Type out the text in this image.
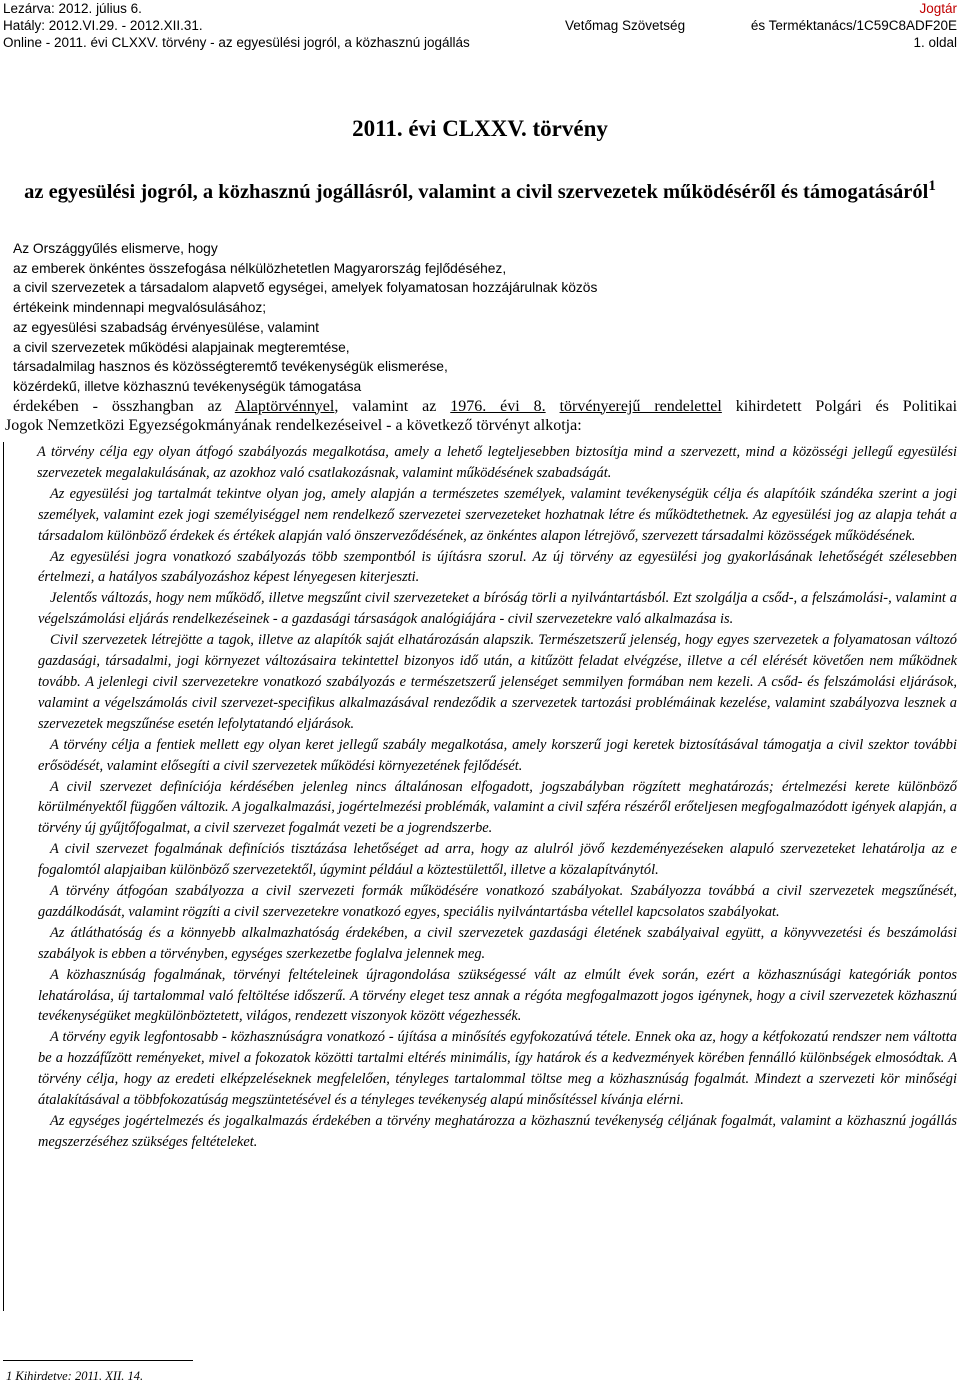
Lezárva: 2012. július 6.
Hatály: 2012.VI.29. - 2012.XII.31.
Online - 2011. évi CLXXV. törvény - az egyesülési jogról, a közhasznú jogállás
Vetőmag Szövetség
Jogtár
és Terméktanács/1C59C8ADF20E
1. oldal
2011. évi CLXXV. törvény
az egyesülési jogról, a közhasznú jogállásról, valamint a civil szervezetek működéséről és támogatásáról$^1$
Az Országgyűlés elismerve, hogy
az emberek önkéntes összefogása nélkülözhetetlen Magyarország fejlődéséhez,
a civil szervezetek a társadalom alapvető egységei, amelyek folyamatosan hozzájárulnak közös
értékeink mindennapi megvalósulásához;
az egyesülési szabadság érvényesülése, valamint
a civil szervezetek működési alapjainak megteremtése,
társadalmilag hasznos és közösségteremtő tevékenységük elismerése,
közérdekű, illetve közhasznú tevékenységük támogatása
érdekében - összhangban az Alaptörvénnyel, valamint az 1976. évi 8. törvényerejű rendelettel kihirdetett Polgári és Politikai
Jogok Nemzetközi Egyezségokmányának rendelkezéseivel - a következő törvényt alkotja:

A törvény célja egy olyan átfogó szabályozás megalkotása, amely a lehető legteljesebben biztosítja mind a szervezett, mind a közösségi jellegű egyesülési szervezetek megalakulásának, az azokhoz való csatlakozásnak, valamint működésének szabadságát.

Az egyesülési jog tartalmát tekintve olyan jog, amely alapján a természetes személyek, valamint tevékenységük célja és alapítóik szándéka szerint a jogi személyek, valamint ezek jogi személyiséggel nem rendelkező szervezetei szervezeteket hozhatnak létre és működtethetnek. Az egyesülési jog az alapja tehát a társadalom különböző érdekek és értékek alapján való önszerveződésének, az önkéntes alapon létrejövő, szervezett társadalmi közösségek működésének.

Az egyesülési jogra vonatkozó szabályozás több szempontból is újításra szorul. Az új törvény az egyesülési jog gyakorlásának lehetőségét szélesebben értelmezi, a hatályos szabályozáshoz képest lényegesen kiterjeszti.

Jelentős változás, hogy nem működő, illetve megszűnt civil szervezeteket a bíróság törli a nyilvántartásból. Ezt szolgálja a csőd-, a felszámolási-, valamint a végelszámolási eljárás rendelkezéseinek - a gazdasági társaságok analógiájára - civil szervezetekre való alkalmazása is.

Civil szervezetek létrejötte a tagok, illetve az alapítók saját elhatározásán alapszik. Természetszerű jelenség, hogy egyes szervezetek a folyamatosan változó gazdasági, társadalmi, jogi környezet változásaira tekintettel bizonyos idő után, a kitűzött feladat elvégzése, illetve a cél elérését követően nem működnek tovább. A jelenlegi civil szervezetekre vonatkozó szabályozás e természetszerű jelenséget semmilyen formában nem kezeli. A csőd- és felszámolási eljárások, valamint a végelszámolás civil szervezet-specifikus alkalmazásával rendeződik a szervezetek tartozási problémáinak kezelése, valamint szabályozva lesznek a szervezetek megszűnése esetén lefolytatandó eljárások.

A törvény célja a fentiek mellett egy olyan keret jellegű szabály megalkotása, amely korszerű jogi keretek biztosításával támogatja a civil szektor további erősödését, valamint elősegíti a civil szervezetek működési környezetének fejlődését.

A civil szervezet definíciója kérdésében jelenleg nincs általánosan elfogadott, jogszabályban rögzített meghatározás; értelmezési kerete különböző körülményektől függően változik. A jogalkalmazási, jogértelmezési problémák, valamint a civil szféra részéről erőteljesen megfogalmazódott igények alapján, a törvény új gyűjtőfogalmat, a civil szervezet fogalmát vezeti be a jogrendszerbe.

A civil szervezet fogalmának definíciós tisztázása lehetőséget ad arra, hogy az alulról jövő kezdeményezéseken alapuló szervezeteket lehatárolja az e fogalomtól alapjaiban különböző szervezetektől, úgymint például a köztestülettől, illetve a közalapítványtól.

A törvény átfogóan szabályozza a civil szervezeti formák működésére vonatkozó szabályokat. Szabályozza továbbá a civil szervezetek megszűnését, gazdálkodását, valamint rögzíti a civil szervezetekre vonatkozó egyes, speciális nyilvántartásba vétellel kapcsolatos szabályokat.

Az átláthatóság és a könnyebb alkalmazhatóság érdekében, a civil szervezetek gazdasági életének szabályaival együtt, a könyvvezetési és beszámolási szabályok is ebben a törvényben, egységes szerkezetbe foglalva jelennek meg.

A közhasznúság fogalmának, törvényi feltételeinek újragondolása szükségessé vált az elmúlt évek során, ezért a közhasznúsági kategóriák pontos lehatárolása, új tartalommal való feltöltése időszerű. A törvény eleget tesz annak a régóta megfogalmazott jogos igénynek, hogy a civil szervezetek közhasznú tevékenységüket megkülönböztetett, világos, rendezett viszonyok között végezhessék.

A törvény egyik legfontosabb - közhasznúságra vonatkozó - újítása a minősítés egyfokozatúvá tétele. Ennek oka az, hogy a kétfokozatú rendszer nem váltotta be a hozzáfűzött reményeket, mivel a fokozatok közötti tartalmi eltérés minimális, így határok és a kedvezmények körében fennálló különbségek elmosódtak. A törvény célja, hogy az eredeti elképzeléseknek megfelelően, tényleges tartalommal töltse meg a közhasznúság fogalmát. Mindezt a szervezeti kör minőségi átalakításával a többfokozatúság megszüntetésével és a tényleges tevékenység alapú minősítéssel kívánja elérni.

Az egységes jogértelmezés és jogalkalmazás érdekében a törvény meghatározza a közhasznú tevékenység céljának fogalmát, valamint a közhasznú jogállás megszerzéséhez szükséges feltételeket.

1 Kihirdetve: 2011. XII. 14.
